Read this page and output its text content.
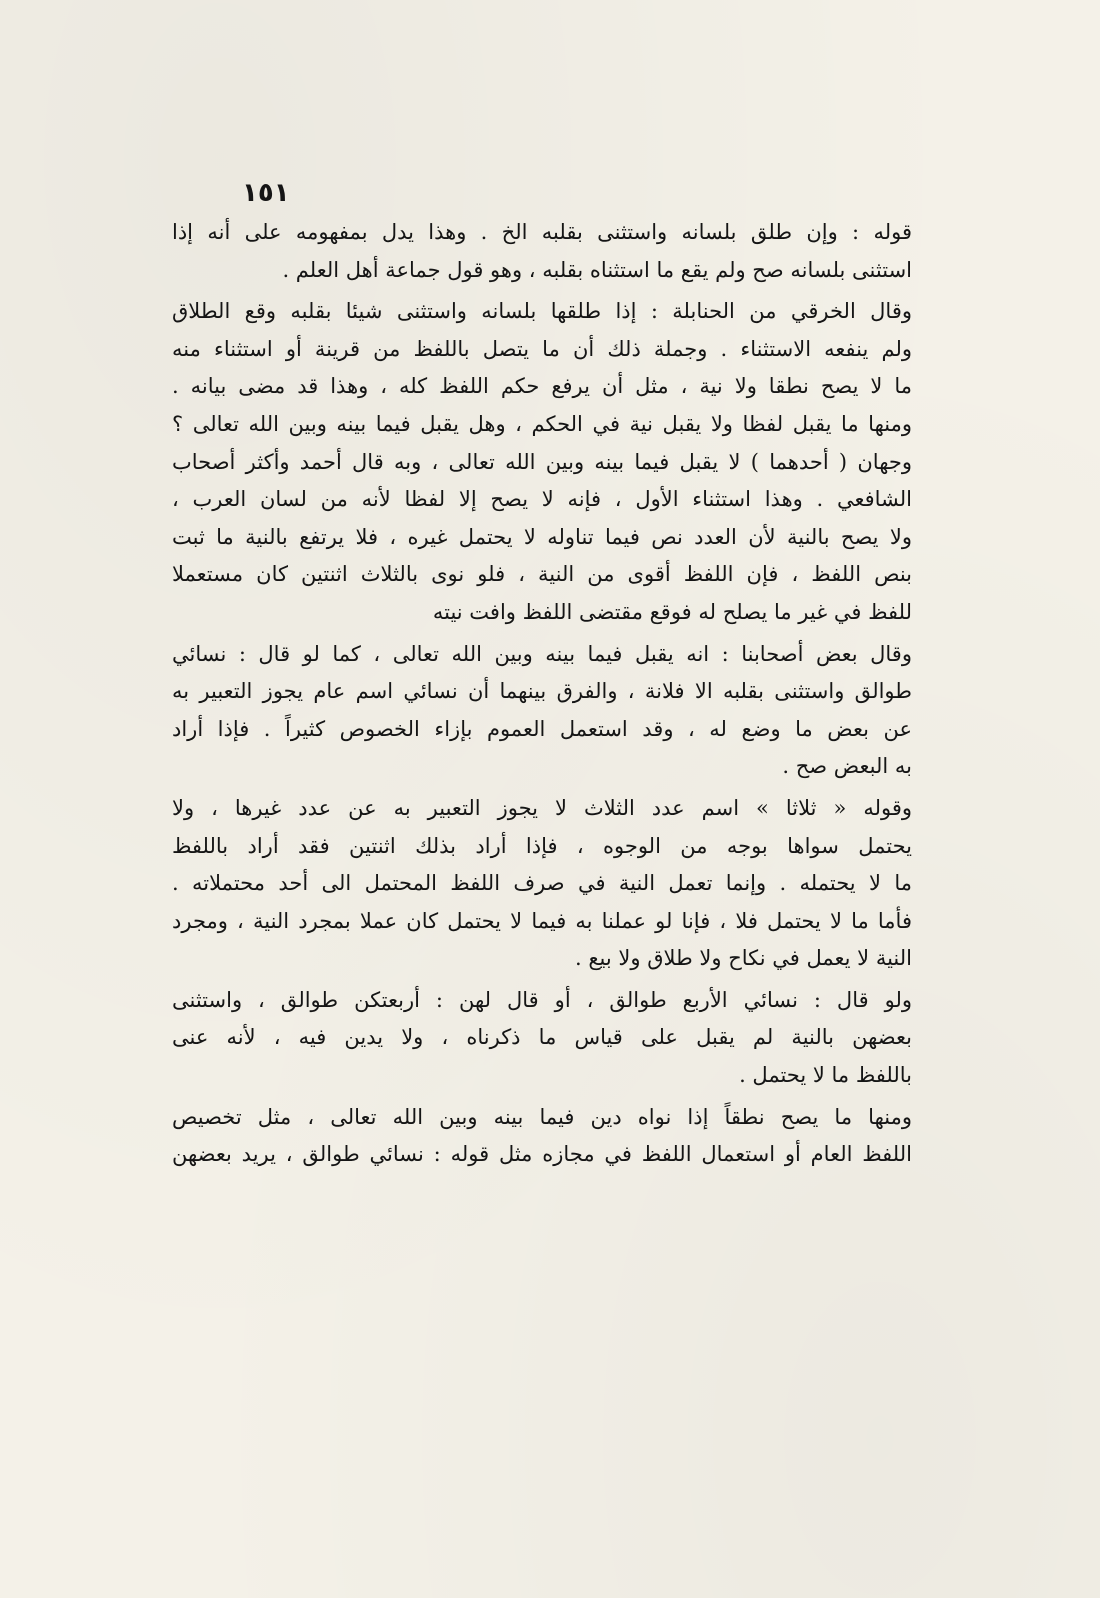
١٥١
قوله : وإن طلق بلسانه واستثنى بقلبه الخ . وهذا يدل بمفهومه على أنه إذا
استثنى بلسانه صح ولم يقع ما استثناه بقلبه ، وهو قول جماعة أهل العلم .
وقال الخرقي من الحنابلة : إذا طلقها بلسانه واستثنى شيئا بقلبه وقع الطلاق
ولم ينفعه الاستثناء . وجملة ذلك أن ما يتصل باللفظ من قرينة أو استثناء منه
ما لا يصح نطقا ولا نية ، مثل أن يرفع حكم اللفظ كله ، وهذا قد مضى بيانه .
ومنها ما يقبل لفظا ولا يقبل نية في الحكم ، وهل يقبل فيما بينه وبين الله تعالى ؟
وجهان ( أحدهما ) لا يقبل فيما بينه وبين الله تعالى ، وبه قال أحمد وأكثر أصحاب
الشافعي . وهذا استثناء الأول ، فإنه لا يصح إلا لفظا لأنه من لسان العرب ،
ولا يصح بالنية لأن العدد نص فيما تناوله لا يحتمل غيره ، فلا يرتفع بالنية ما ثبت
بنص اللفظ ، فإن اللفظ أقوى من النية ، فلو نوى بالثلاث اثنتين كان مستعملا
للفظ في غير ما يصلح له فوقع مقتضى اللفظ وافت نيته
وقال بعض أصحابنا : انه يقبل فيما بينه وبين الله تعالى ، كما لو قال : نسائي
طوالق واستثنى بقلبه الا فلانة ، والفرق بينهما أن نسائي اسم عام يجوز التعبير به
عن بعض ما وضع له ، وقد استعمل العموم بإزاء الخصوص كثيراً . فإذا أراد
به البعض صح .
وقوله « ثلاثا » اسم عدد الثلاث لا يجوز التعبير به عن عدد غيرها ، ولا
يحتمل سواها بوجه من الوجوه ، فإذا أراد بذلك اثنتين فقد أراد باللفظ
ما لا يحتمله . وإنما تعمل النية في صرف اللفظ المحتمل الى أحد محتملاته .
فأما ما لا يحتمل فلا ، فإنا لو عملنا به فيما لا يحتمل كان عملا بمجرد النية ، ومجرد
النية لا يعمل في نكاح ولا طلاق ولا بيع .
ولو قال : نسائي الأربع طوالق ، أو قال لهن : أربعتكن طوالق ، واستثنى
بعضهن بالنية لم يقبل على قياس ما ذكرناه ، ولا يدين فيه ، لأنه عنى
باللفظ ما لا يحتمل .
ومنها ما يصح نطقاً إذا نواه دين فيما بينه وبين الله تعالى ، مثل تخصيص
اللفظ العام أو استعمال اللفظ في مجازه مثل قوله : نسائي طوالق ، يريد بعضهن
